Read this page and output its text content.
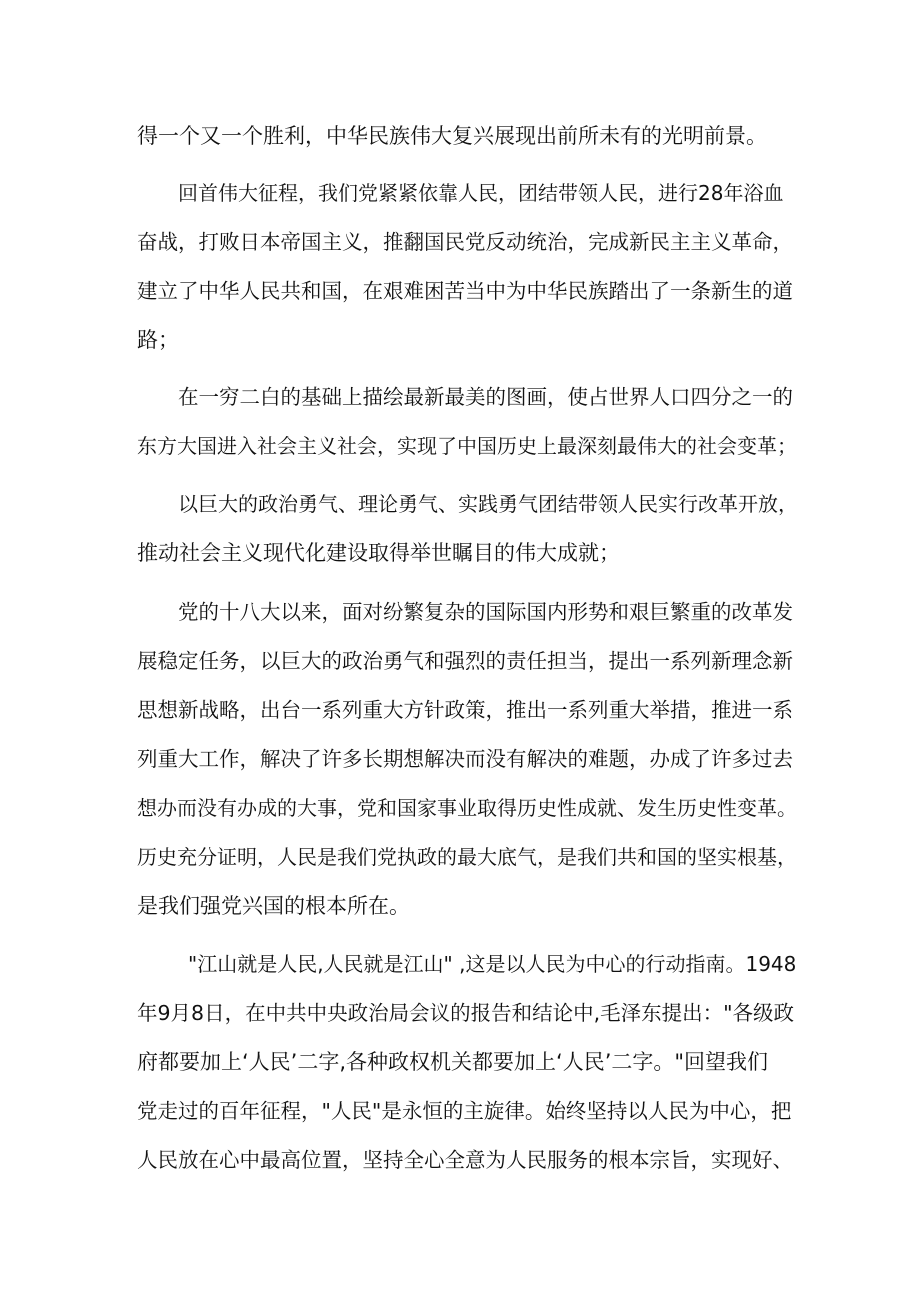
得一个又一个胜利，中华民族伟大复兴展现出前所未有的光明前景。
回首伟大征程，我们党紧紧依靠人民，团结带领人民，进行28年浴血
奋战，打败日本帝国主义，推翻国民党反动统治，完成新民主主义革命，
建立了中华人民共和国，在艰难困苦当中为中华民族踏出了一条新生的道
路；
在一穷二白的基础上描绘最新最美的图画，使占世界人口四分之一的
东方大国进入社会主义社会，实现了中国历史上最深刻最伟大的社会变革；
以巨大的政治勇气、理论勇气、实践勇气团结带领人民实行改革开放，
推动社会主义现代化建设取得举世瞩目的伟大成就；
党的十八大以来，面对纷繁复杂的国际国内形势和艰巨繁重的改革发
展稳定任务，以巨大的政治勇气和强烈的责任担当，提出一系列新理念新
思想新战略，出台一系列重大方针政策，推出一系列重大举措，推进一系
列重大工作，解决了许多长期想解决而没有解决的难题，办成了许多过去
想办而没有办成的大事，党和国家事业取得历史性成就、发生历史性变革。
历史充分证明，人民是我们党执政的最大底气，是我们共和国的坚实根基，
是我们强党兴国的根本所在。
"江山就是人民,人民就是江山" ,这是以人民为中心的行动指南。1948
年9月8日，在中共中央政治局会议的报告和结论中,毛泽东提出："各级政
府都要加上‘人民’二字,各种政权机关都要加上‘人民’二字。"回望我们
党走过的百年征程，"人民"是永恒的主旋律。始终坚持以人民为中心，把
人民放在心中最高位置，坚持全心全意为人民服务的根本宗旨，实现好、
